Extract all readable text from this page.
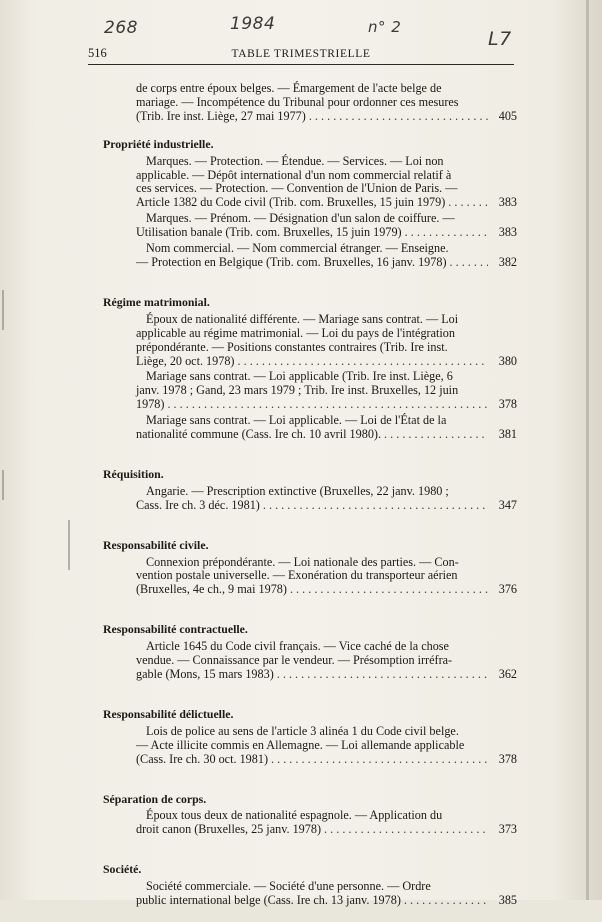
268	1984	n° 2
L7
516	TABLE TRIMESTRIELLE
de corps entre époux belges. — Émargement de l'acte belge de
mariage. — Incompétence du Tribunal pour ordonner ces mesures
(Trib. Ire inst. Liège, 27 mai 1977) . . .	405
Propriété industrielle.
Marques. — Protection. — Étendue. — Services. — Loi non
applicable. — Dépôt international d'un nom commercial relatif à
ces services. — Protection. — Convention de l'Union de Paris. —
Article 1382 du Code civil (Trib. com. Bruxelles, 15 juin 1979) . . .	383
Marques. — Prénom. — Désignation d'un salon de coiffure. —
Utilisation banale (Trib. com. Bruxelles, 15 juin 1979) . . .	383
Nom commercial. — Nom commercial étranger. — Enseigne.
— Protection en Belgique (Trib. com. Bruxelles, 16 janv. 1978) . . .	382
Régime matrimonial.
Époux de nationalité différente. — Mariage sans contrat. — Loi
applicable au régime matrimonial. — Loi du pays de l'intégration
prépondérante. — Positions constantes contraires (Trib. Ire inst.
Liège, 20 oct. 1978) . . .	380
Mariage sans contrat. — Loi applicable (Trib. Ire inst. Liège, 6
janv. 1978 ; Gand, 23 mars 1979 ; Trib. Ire inst. Bruxelles, 12 juin
1978) . . .	378
Mariage sans contrat. — Loi applicable. — Loi de l'État de la
nationalité commune (Cass. Ire ch. 10 avril 1980). . . .	381
Réquisition.
Angarie. — Prescription extinctive (Bruxelles, 22 janv. 1980 ;
Cass. Ire ch. 3 déc. 1981) . . .	347
Responsabilité civile.
Connexion prépondérante. — Loi nationale des parties. — Con-
vention postale universelle. — Exonération du transporteur aérien
(Bruxelles, 4e ch., 9 mai 1978) . . .	376
Responsabilité contractuelle.
Article 1645 du Code civil français. — Vice caché de la chose
vendue. — Connaissance par le vendeur. — Présomption irréfra-
gable (Mons, 15 mars 1983) . . .	362
Responsabilité délictuelle.
Lois de police au sens de l'article 3 alinéa 1 du Code civil belge.
— Acte illicite commis en Allemagne. — Loi allemande applicable
(Cass. Ire ch. 30 oct. 1981) . . .	378
Séparation de corps.
Époux tous deux de nationalité espagnole. — Application du
droit canon (Bruxelles, 25 janv. 1978) . . .	373
Société.
Société commerciale. — Société d'une personne. — Ordre
public international belge (Cass. Ire ch. 13 janv. 1978) . . .	385
